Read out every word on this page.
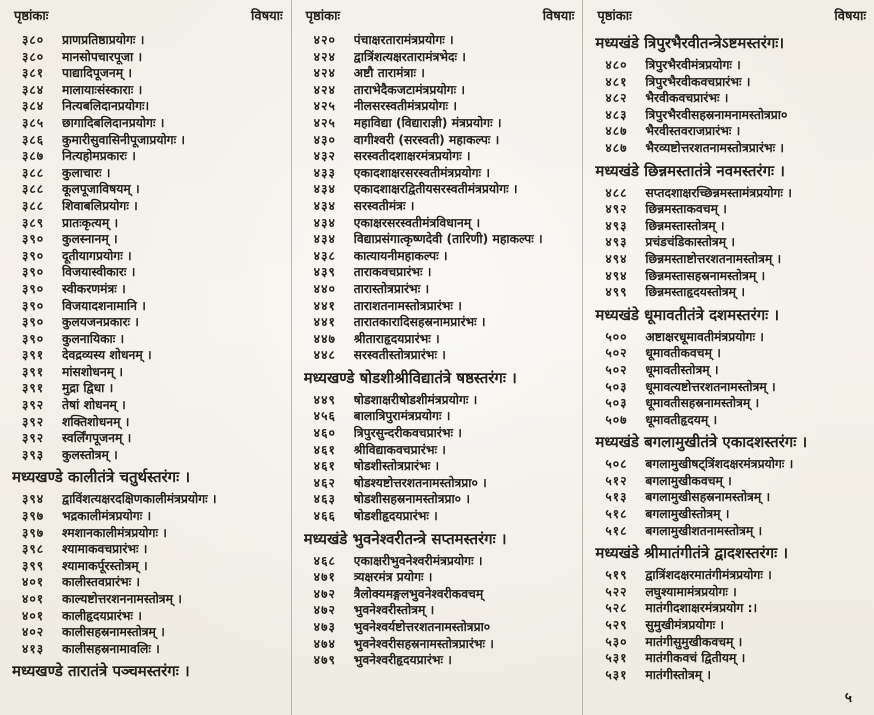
पृष्ठांकाः	विषयाः
३८०	प्राणप्रतिष्ठाप्रयोगः ।
३८०	मानसोपचारपूजा ।
३८१	पाद्यादिपूजनम् ।
३८४	मालायाःसंस्काराः ।
३८४	नित्यबलिदानप्रयोगः।
३८५	छागादिबलिदानप्रयोगः ।
३८६	कुमारीसुवासिनीपूजाप्रयोगः ।
३८७	नित्यहोमप्रकारः ।
३८८	कुलाचारः ।
३८८	कूलपूजाविषयम् ।
३८८	शिवाबलिप्रयोगः ।
३८९	प्रातःकृत्यम् ।
३९०	कुलस्नानम् ।
३९०	दूतीयागप्रयोगः ।
३९०	विजयास्वीकारः ।
३९०	स्वीकरणमंत्रः ।
३९०	विजयादशनामानि ।
३९०	कुलयजनप्रकारः ।
३९०	कुलनायिकाः ।
३९१	देवद्रव्यस्य शोधनम् ।
३९१	मांसशोधनम् ।
३९१	मुद्रा द्विधा ।
३९२	तेषां शोधनम् ।
३९२	शक्तिशोधनम् ।
३९२	स्वर्लिंगपूजनम् ।
३९३	कुलस्तोत्रम् ।
मध्यखण्डे कालीतंत्रे चतुर्थस्तरंगः ।
३९४	द्वाविंशत्यक्षरदक्षिणकालीमंत्रप्रयोगः ।
३९७	भद्रकालीमंत्रप्रयोगः ।
३९७	श्मशानकालीमंत्रप्रयोगः ।
३९८	श्यामाकवचप्रारंभः ।
३९९	श्यामाकर्पूरस्तोत्रम् ।
४०१	कालीस्तवप्रारंभः ।
४०१	काल्यष्टोत्तरशननामस्तोत्रम् ।
४०१	कालीहृदयप्रारंभः ।
४०२	कालीसहस्रनामस्तोत्रम् ।
४१३	कालीसहस्रनामावलिः ।
मध्यखण्डे तारातंत्रे पञ्चमस्तरंगः ।
पृष्ठांकाः	विषयाः
४२०	पंचाक्षरतारामंत्रप्रयोगः ।
४२४	द्वात्रिंशत्यक्षरतारामंत्रभेदः ।
४२४	अष्टौ तारामंत्राः ।
४२४	ताराभेदैकजटामंत्रप्रयोगः ।
४२५	नीलसरस्वतीमंत्रप्रयोगः ।
४२५	महाविद्या (विद्याराज्ञी) मंत्रप्रयोगः ।
४३०	वागीश्वरी (सरस्वती) महाकल्पः ।
४३२	सरस्वतीदशाक्षरमंत्रप्रयोगः ।
४३३	एकादशाक्षरसरस्वतीमंत्रप्रयोगः ।
४३४	एकादशाक्षरद्वितीयसरस्वतीमंत्रप्रयोगः ।
४३४	सरस्वतीमंत्रः ।
४३४	एकाक्षरसरस्वतीमंत्रविधानम् ।
४३४	विद्याप्रसंगात्कृष्णदेवी (तारिणी) महाकल्पः ।
४३८	कात्यायनीमहाकल्पः ।
४३९	ताराकवचप्रारंभः ।
४४०	तारास्तोत्रप्रारंभः ।
४४१	ताराशतनामस्तोत्रप्रारंभः ।
४४१	तारातकारादिसहस्रनामप्रारंभः ।
४४७	श्रीताराहृदयप्रारंभः ।
४४८	सरस्वतीस्तोत्रप्रारंभः ।
मध्यखण्डे षोडशीश्रीविद्यातंत्रे षष्ठस्तरंगः ।
४४९	षोडशाक्षरीषोडशीमंत्रप्रयोगः ।
४५६	बालात्रिपुरामंत्रप्रयोगः ।
४६०	त्रिपुरसुन्दरीकवचप्रारंभः ।
४६१	श्रीविद्याकवचप्रारंभः ।
४६१	षोडशीस्तोत्रप्रारंभः ।
४६२	षोडश्यष्टोत्तरशतनामस्तोत्रप्रा० ।
४६३	षोडशीसहस्रनामस्तोत्रप्रा० ।
४६६	षोडशीहृदयप्रारंभः ।
मध्यखंडे भुवनेश्वरीतन्त्रे सप्तमस्तरंगः ।
४६८	एकाक्षरीभुवनेश्वरीमंत्रप्रयोगः ।
४७१	त्र्यक्षरमंत्र प्रयोगः ।
४७२	त्रैलोक्यमङ्गलभुवनेश्वरीकवचम्
४७२	भुवनेश्वरीस्तोत्रम् ।
४७३	भुवनेश्वर्यष्टोत्तरशतनामस्तोत्रप्रा०
४७४	भुवनेश्वरीसहस्रनामस्तोत्रप्रारंभः ।
४७९	भुवनेश्वरीहृदयप्रारंभः ।
पृष्ठांकाः	विषयाः
मध्यखंडे त्रिपुरभैरवीतन्त्रेऽष्टमस्तरंगः।
४८०	त्रिपुरभैरवीमंत्रप्रयोगः ।
४८१	त्रिपुरभैरवीकवचप्रारंभः ।
४८२	भैरवीकवचप्रारंभः ।
४८३	त्रिपुरभैरवीसहस्रनामनामस्तोत्रप्रा०
४८७	भैरवीस्तवराजप्रारंभः ।
४८७	भैरव्यष्टोत्तरशतनामस्तोत्रप्रारंभः ।
मध्यखंडे छिन्नमस्तातंत्रे नवमस्तरंगः ।
४८८	सप्तदशाक्षरच्छिन्नमस्तामंत्रप्रयोगः ।
४९२	छिन्नमस्ताकवचम् ।
४९३	छिन्नमस्तास्तोत्रम् ।
४९३	प्रचंडचंडिकास्तोत्रम् ।
४९४	छिन्नमस्ताष्टोत्तरशतनामस्तोत्रम् ।
४९४	छिन्नमस्तासहस्रनामस्तोत्रम् ।
४९९	छिन्नमस्ताहृदयस्तोत्रम् ।
मध्यखंडे धूमावतीतंत्रे दशमस्तरंगः ।
५००	अष्टाक्षरधूमावतीमंत्रप्रयोगः ।
५०२	धूमावतीकवचम् ।
५०२	धूमावतीस्तोत्रम् ।
५०३	धूमावत्यष्टोत्तरशतनामस्तोत्रम् ।
५०३	धूमावतीसहस्रनामस्तोत्रम् ।
५०७	धूमावतीहृदयम् ।
मध्यखंडे बगलामुखीतंत्रे एकादशस्तरंगः ।
५०८	बगलामुखीषट्त्रिंशदक्षरमंत्रप्रयोगः ।
५१२	बगलामुखीकवचम् ।
५१३	बगलामुखीसहस्रनामस्तोत्रम् ।
५१८	बगलामुखीस्तोत्रम् ।
५१८	बगलामुखीशतनामस्तोत्रम् ।
मध्यखंडे श्रीमातंगीतंत्रे द्वादशस्तरंगः ।
५१९	द्वात्रिंशदक्षरमातंगीमंत्रप्रयोगः ।
५२२	लघुश्यामामंत्रप्रयोगः ।
५२८	मातंगीदशाक्षरमंत्रप्रयोग :।
५२९	सुमुखीमंत्रप्रयोगः ।
५३०	मातंगीसुमुखीकवचम् ।
५३१	मातंगीकवचं द्वितीयम् ।
५३१	मातंगीस्तोत्रम् ।
५
